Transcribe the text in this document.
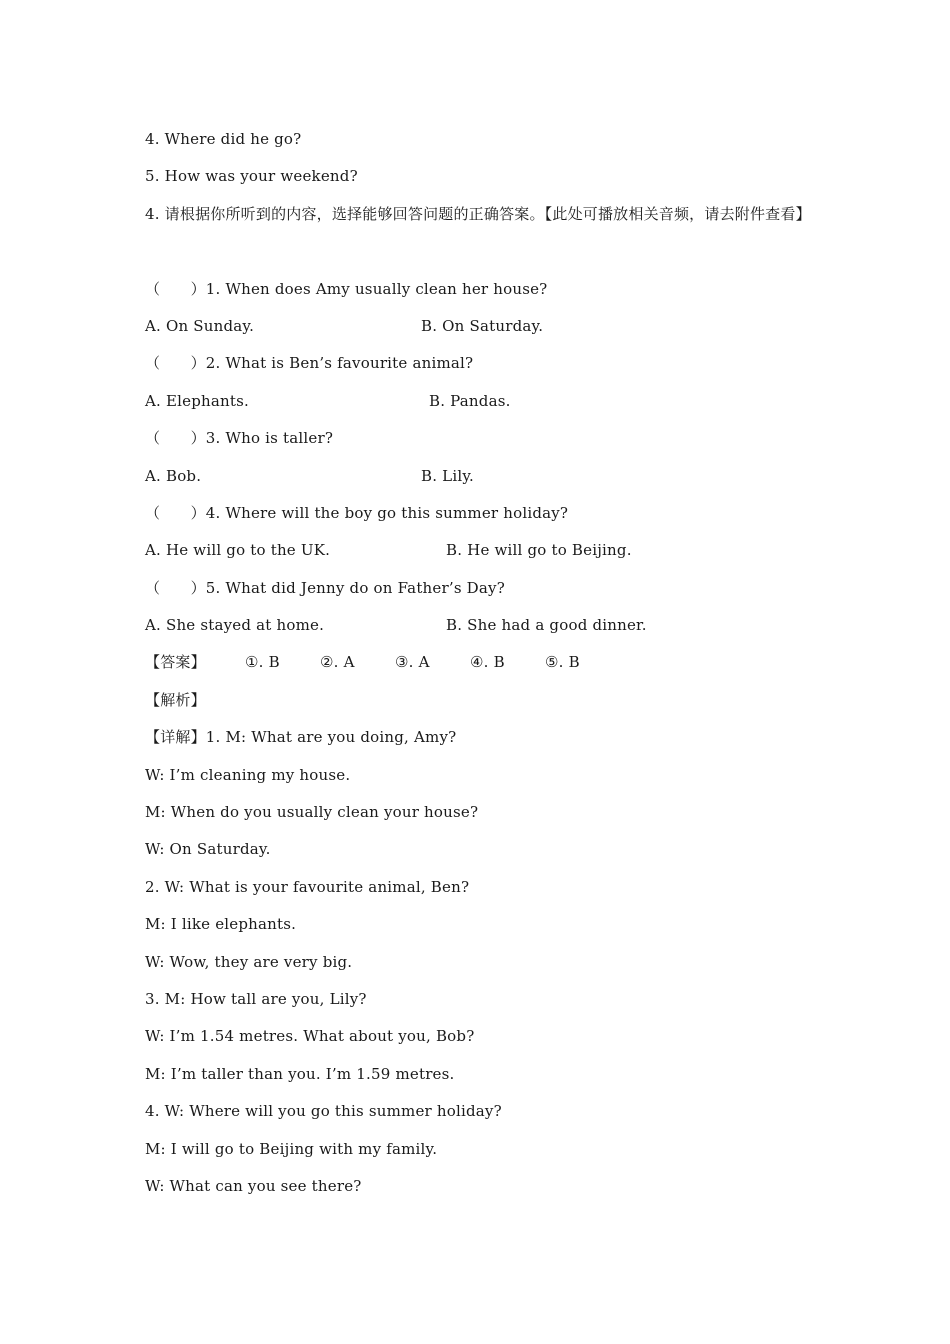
4. Where did he go?
5. How was your weekend?
4. 请根据你所听到的内容，选择能够回答问题的正确答案。【此处可播放相关音频，请去附件查看】
（　　）1. When does Amy usually clean her house?
A. On Sunday.	B. On Saturday.
（　　）2. What is Ben’s favourite animal?
A. Elephants.	B. Pandas.
（　　）3. Who is taller?
A. Bob.	B. Lily.
（　　）4. Where will the boy go this summer holiday?
A. He will go to the UK.	B. He will go to Beijing.
（　　）5. What did Jenny do on Father’s Day?
A. She stayed at home.	B. She had a good dinner.
【答案】	①. B	②. A	③. A	④. B	⑤. B
【解析】
【详解】1. M: What are you doing, Amy?
W: I’m cleaning my house.
M: When do you usually clean your house?
W: On Saturday.
2. W: What is your favourite animal, Ben?
M: I like elephants.
W: Wow, they are very big.
3. M: How tall are you, Lily?
W: I’m 1.54 metres. What about you, Bob?
M: I’m taller than you. I’m 1.59 metres.
4. W: Where will you go this summer holiday?
M: I will go to Beijing with my family.
W: What can you see there?
